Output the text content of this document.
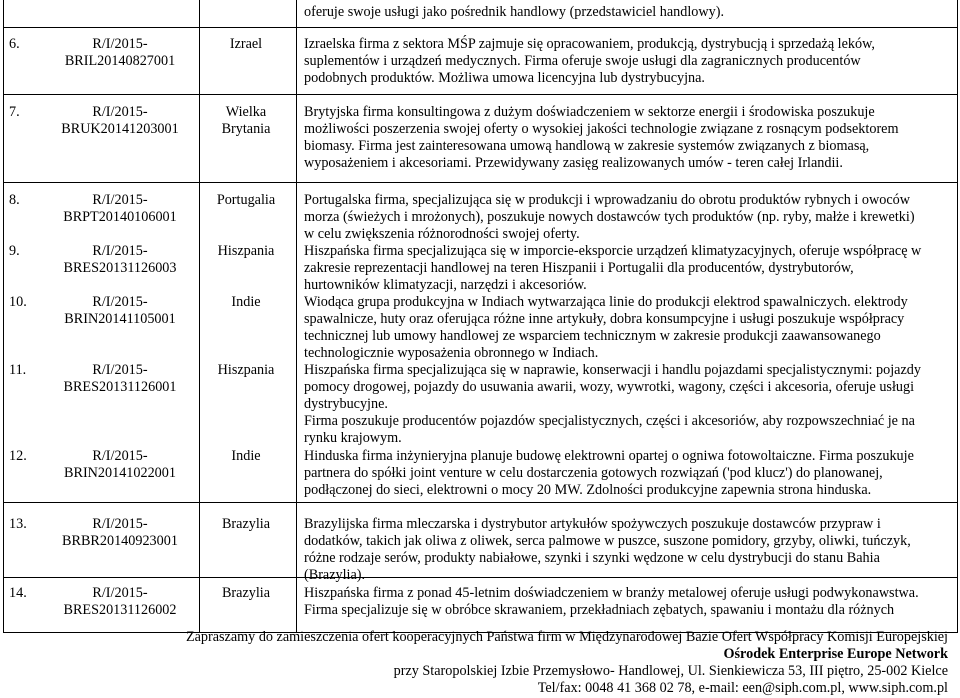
oferuje swoje usługi jako pośrednik handlowy (przedstawiciel handlowy).
6.	R/I/2015-
BRIL20140827001
Izrael	Izraelska firma z sektora MŚP zajmuje się opracowaniem, produkcją, dystrybucją i sprzedażą leków,
suplementów i urządzeń medycznych. Firma oferuje swoje usługi dla zagranicznych producentów
podobnych produktów. Możliwa umowa licencyjna lub dystrybucyjna.
7.	R/I/2015-
BRUK20141203001
Wielka
Brytania
Brytyjska firma konsultingowa z dużym doświadczeniem w sektorze energii i środowiska poszukuje
możliwości poszerzenia swojej oferty o wysokiej jakości technologie związane z rosnącym podsektorem
biomasy. Firma jest zainteresowana umową handlową w zakresie systemów związanych z biomasą,
wyposażeniem i akcesoriami. Przewidywany zasięg realizowanych umów - teren całej Irlandii.
8.	R/I/2015-
BRPT20140106001
Portugalia	Portugalska firma, specjalizująca się w produkcji i wprowadzaniu do obrotu produktów rybnych i owoców
morza (świeżych i mrożonych), poszukuje nowych dostawców tych produktów (np. ryby, małże i krewetki)
w celu zwiększenia różnorodności swojej oferty.
9.	R/I/2015-
BRES20131126003
Hiszpania	Hiszpańska firma specjalizująca się w imporcie-eksporcie urządzeń klimatyzacyjnych, oferuje współpracę w
zakresie reprezentacji handlowej na teren Hiszpanii i Portugalii dla producentów, dystrybutorów,
hurtowników klimatyzacji, narzędzi i akcesoriów.
10.	R/I/2015-
BRIN20141105001
Indie	Wiodąca grupa produkcyjna w Indiach wytwarzająca linie do produkcji elektrod spawalniczych. elektrody
spawalnicze, huty oraz oferująca różne inne artykuły, dobra konsumpcyjne i usługi poszukuje współpracy
technicznej lub umowy handlowej ze wsparciem technicznym w zakresie produkcji zaawansowanego
technologicznie wyposażenia obronnego w Indiach.
11.	R/I/2015-
BRES20131126001
Hiszpania	Hiszpańska firma specjalizująca się w naprawie, konserwacji i handlu pojazdami specjalistycznymi: pojazdy
pomocy drogowej, pojazdy do usuwania awarii, wozy, wywrotki, wagony, części i akcesoria, oferuje usługi
dystrybucyjne.
Firma poszukuje producentów pojazdów specjalistycznych, części i akcesoriów, aby rozpowszechniać je na
rynku krajowym.
12.	R/I/2015-
BRIN20141022001
Indie	Hinduska firma inżynieryjna planuje budowę elektrowni opartej o ogniwa fotowoltaiczne. Firma poszukuje
partnera do spółki joint venture w celu dostarczenia gotowych rozwiązań ('pod klucz') do planowanej,
podłączonej do sieci, elektrowni o mocy 20 MW. Zdolności produkcyjne zapewnia strona hinduska.
13.	R/I/2015-
BRBR20140923001
Brazylia	Brazylijska firma mleczarska i dystrybutor artykułów spożywczych poszukuje dostawców przypraw i
dodatków, takich jak oliwa z oliwek, serca palmowe w puszce, suszone pomidory, grzyby, oliwki, tuńczyk,
różne rodzaje serów, produkty nabiałowe, szynki i szynki wędzone w celu dystrybucji do stanu Bahia
(Brazylia).
14.	R/I/2015-
BRES20131126002
Brazylia	Hiszpańska firma z ponad 45-letnim doświadczeniem w branży metalowej oferuje usługi podwykonawstwa.
Firma specjalizuje się w obróbce skrawaniem, przekładniach zębatych, spawaniu i montażu dla różnych
Zapraszamy do zamieszczenia ofert kooperacyjnych Państwa firm w Międzynarodowej Bazie Ofert Współpracy Komisji Europejskiej
Ośrodek Enterprise Europe Network
przy Staropolskiej Izbie Przemysłowo- Handlowej, Ul. Sienkiewicza 53, III piętro, 25-002 Kielce
Tel/fax: 0048 41 368 02 78, e-mail: een@siph.com.pl, www.siph.com.pl
